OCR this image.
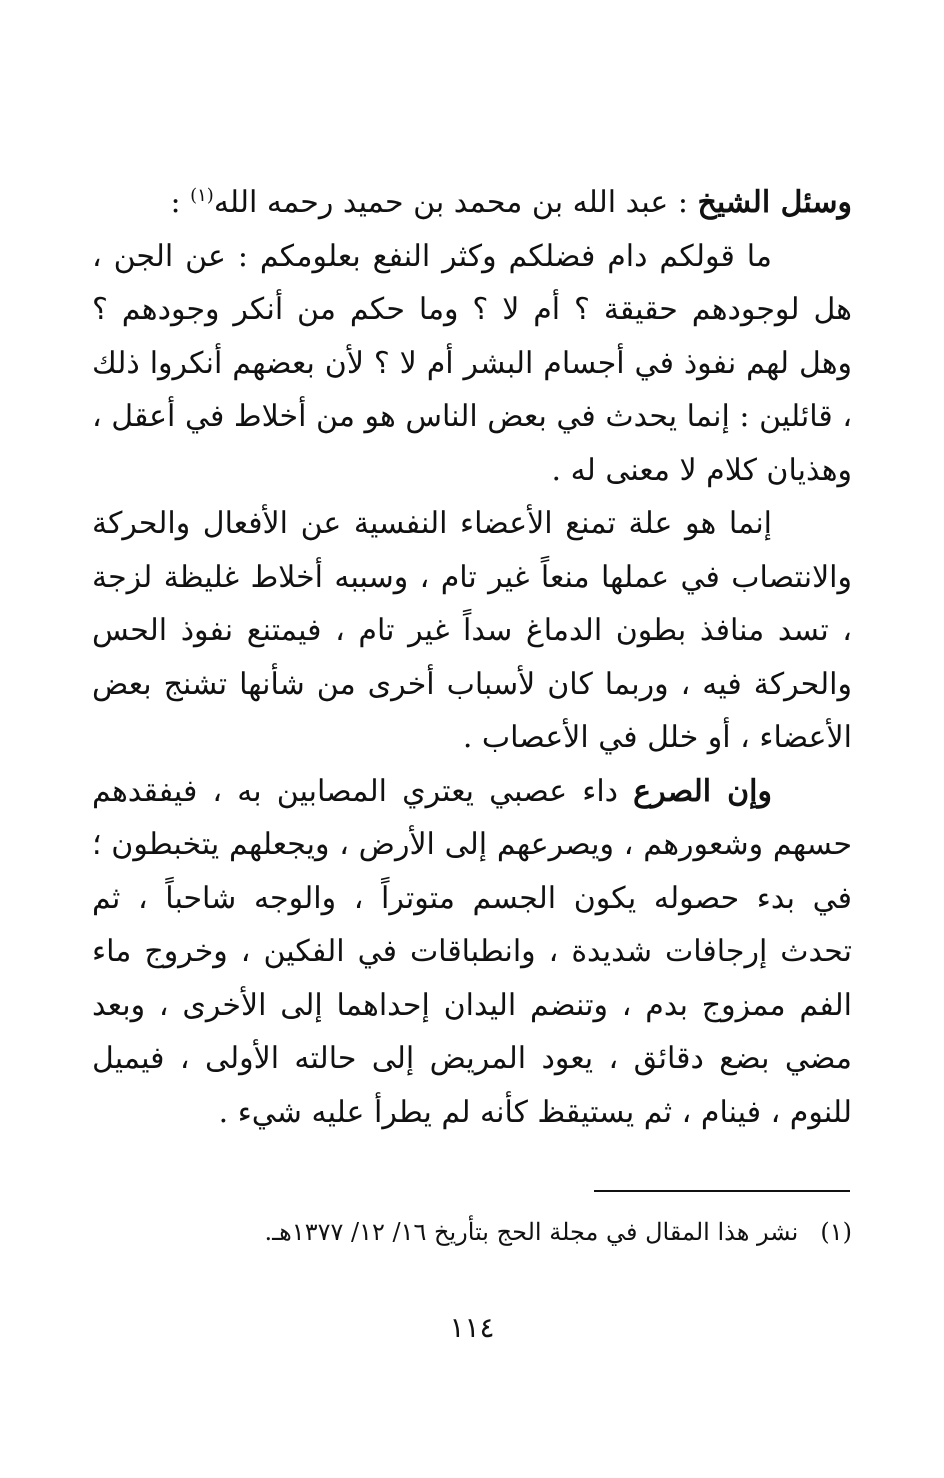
وسئل الشيخ : عبد الله بن محمد بن حميد رحمه الله$^{(١)}$ :

ما قولكم دام فضلكم وكثر النفع بعلومكم : عن الجن ، هل لوجودهم حقيقة ؟ أم لا ؟ وما حكم من أنكر وجودهم ؟ وهل لهم نفوذ في أجسام البشر أم لا ؟ لأن بعضهم أنكروا ذلك ، قائلين : إنما يحدث في بعض الناس هو من أخلاط في أعقل ، وهذيان كلام لا معنى له .

إنما هو علة تمنع الأعضاء النفسية عن الأفعال والحركة والانتصاب في عملها منعاً غير تام ، وسببه أخلاط غليظة لزجة ، تسد منافذ بطون الدماغ سداً غير تام ، فيمتنع نفوذ الحس والحركة فيه ، وربما كان لأسباب أخرى من شأنها تشنج بعض الأعضاء ، أو خلل في الأعصاب .

وإن الصرع داء عصبي يعتري المصابين به ، فيفقدهم حسهم وشعورهم ، ويصرعهم إلى الأرض ، ويجعلهم يتخبطون ؛ في بدء حصوله يكون الجسم متوتراً ، والوجه شاحباً ، ثم تحدث إرجافات شديدة ، وانطباقات في الفكين ، وخروج ماء الفم ممزوج بدم ، وتنضم اليدان إحداهما إلى الأخرى ، وبعد مضي بضع دقائق ، يعود المريض إلى حالته الأولى ، فيميل للنوم ، فينام ، ثم يستيقظ كأنه لم يطرأ عليه شيء .

(١)نشر هذا المقال في مجلة الحج بتأريخ ١٦/ ١٢/ ١٣٧٧هـ.
١١٤
